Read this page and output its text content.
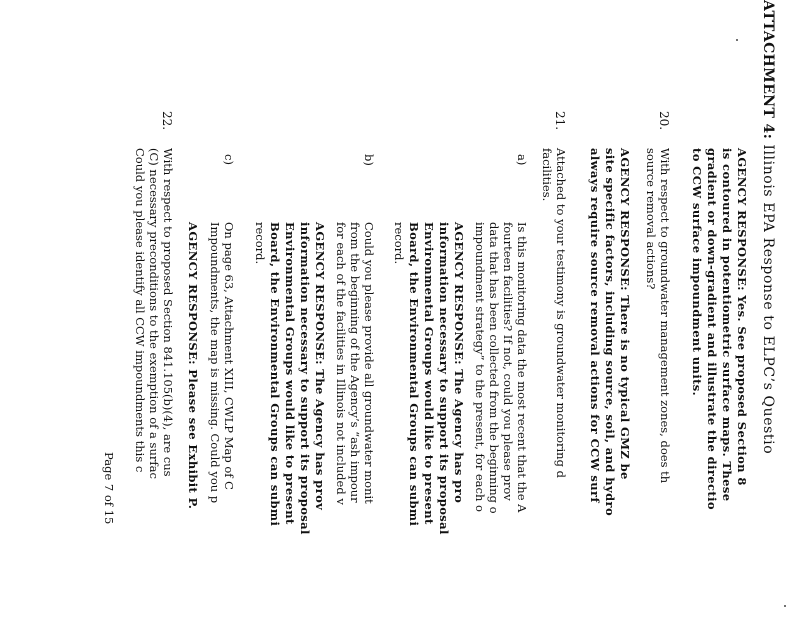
ATTACHMENT 4: Illinois EPA Response to ELPC’s Questio
AGENCY RESPONSE: Yes. See proposed Section 8
is contoured in potentiometric surface maps. These
gradient or down-gradient and illustrate the directio
to CCW surface impoundment units.
20.
With respect to groundwater management zones, does th
source removal actions?
AGENCY RESPONSE: There is no typical GMZ be
site specific factors, including source, soil, and hydro
always require source removal actions for CCW surf
21.
Attached to your testimony is groundwater monitoring d
facilities.
a)
Is this monitoring data the most recent that the A
fourteen facilities? If not, could you please prov
data that has been collected from the beginning o
impoundment strategy” to the present, for each o
AGENCY RESPONSE: The Agency has pro
information necessary to support its proposal
Environmental Groups would like to present
Board, the Environmental Groups can submi
record.
b)
Could you please provide all groundwater monit
from the beginning of the Agency’s “ash impour
for each of the facilities in Illinois not included v
AGENCY RESPONSE: The Agency has prov
information necessary to support its proposal
Environmental Groups would like to present
Board, the Environmental Groups can submi
record.
c)
On page 63, Attachment XIII, CWLP Map of C
Impoundments, the map is missing. Could you p
AGENCY RESPONSE: Please see Exhibit P.
22.
With respect to proposed Section 841.105(b)(4), are cus
(C) necessary preconditions to the exemption of a surfac
Could you please identify all CCW impoundments this c
Page 7 of 15
